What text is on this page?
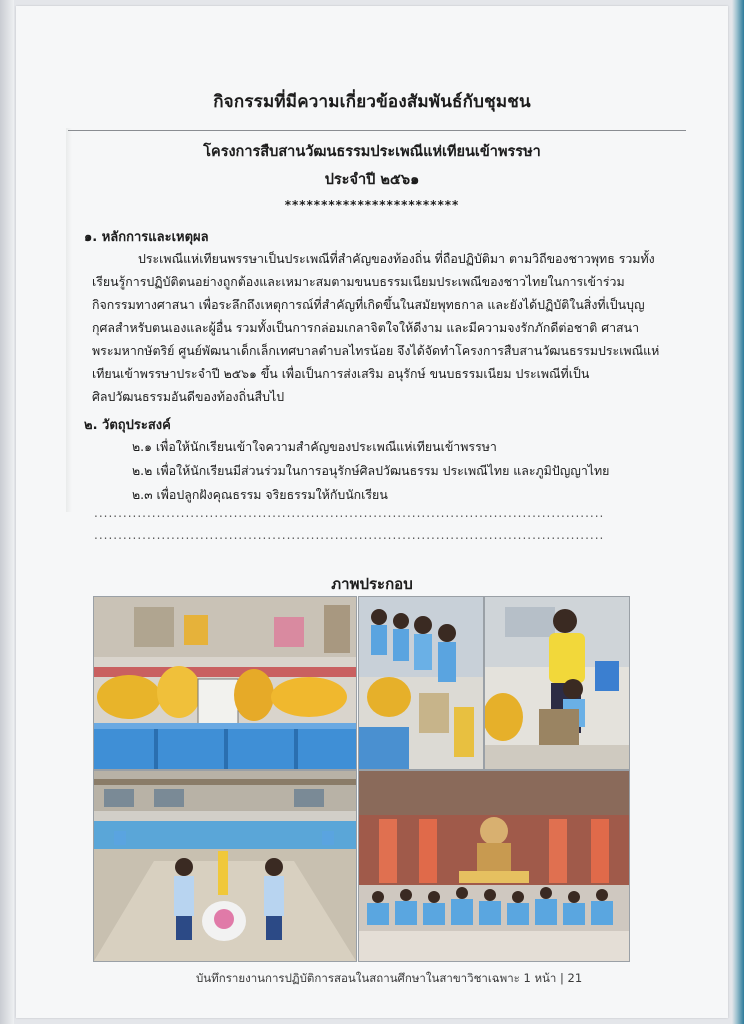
กิจกรรมที่มีความเกี่ยวข้องสัมพันธ์กับชุมชน
โครงการสืบสานวัฒนธรรมประเพณีแห่เทียนเข้าพรรษา
ประจำปี ๒๕๖๑
************************
๑. หลักการและเหตุผล
ประเพณีแห่เทียนพรรษาเป็นประเพณีที่สำคัญของท้องถิ่น ที่ถือปฏิบัติมา ตามวิถีของชาวพุทธ รวมทั้ง
เรียนรู้การปฏิบัติตนอย่างถูกต้องและเหมาะสมตามขนบธรรมเนียมประเพณีของชาวไทยในการเข้าร่วม
กิจกรรมทางศาสนา เพื่อระลึกถึงเหตุการณ์ที่สำคัญที่เกิดขึ้นในสมัยพุทธกาล และยังได้ปฏิบัติในสิ่งที่เป็นบุญ
กุศลสำหรับตนเองและผู้อื่น รวมทั้งเป็นการกล่อมเกลาจิตใจให้ดีงาม และมีความจงรักภักดีต่อชาติ ศาสนา
พระมหากษัตริย์ ศูนย์พัฒนาเด็กเล็กเทศบาลตำบลไทรน้อย จึงได้จัดทำโครงการสืบสานวัฒนธรรมประเพณีแห่
เทียนเข้าพรรษาประจำปี ๒๕๖๑ ขึ้น เพื่อเป็นการส่งเสริม อนุรักษ์ ขนบธรรมเนียม ประเพณีที่เป็น
ศิลปวัฒนธรรมอันดีของท้องถิ่นสืบไป
๒. วัตถุประสงค์
๒.๑ เพื่อให้นักเรียนเข้าใจความสำคัญของประเพณีแห่เทียนเข้าพรรษา
๒.๒ เพื่อให้นักเรียนมีส่วนร่วมในการอนุรักษ์ศิลปวัฒนธรรม ประเพณีไทย และภูมิปัญญาไทย
๒.๓ เพื่อปลูกฝังคุณธรรม จริยธรรมให้กับนักเรียน
..........................................................................................................
..........................................................................................................
ภาพประกอบ
บันทึกรายงานการปฏิบัติการสอนในสถานศึกษาในสาขาวิชาเฉพาะ 1 หน้า | 21
